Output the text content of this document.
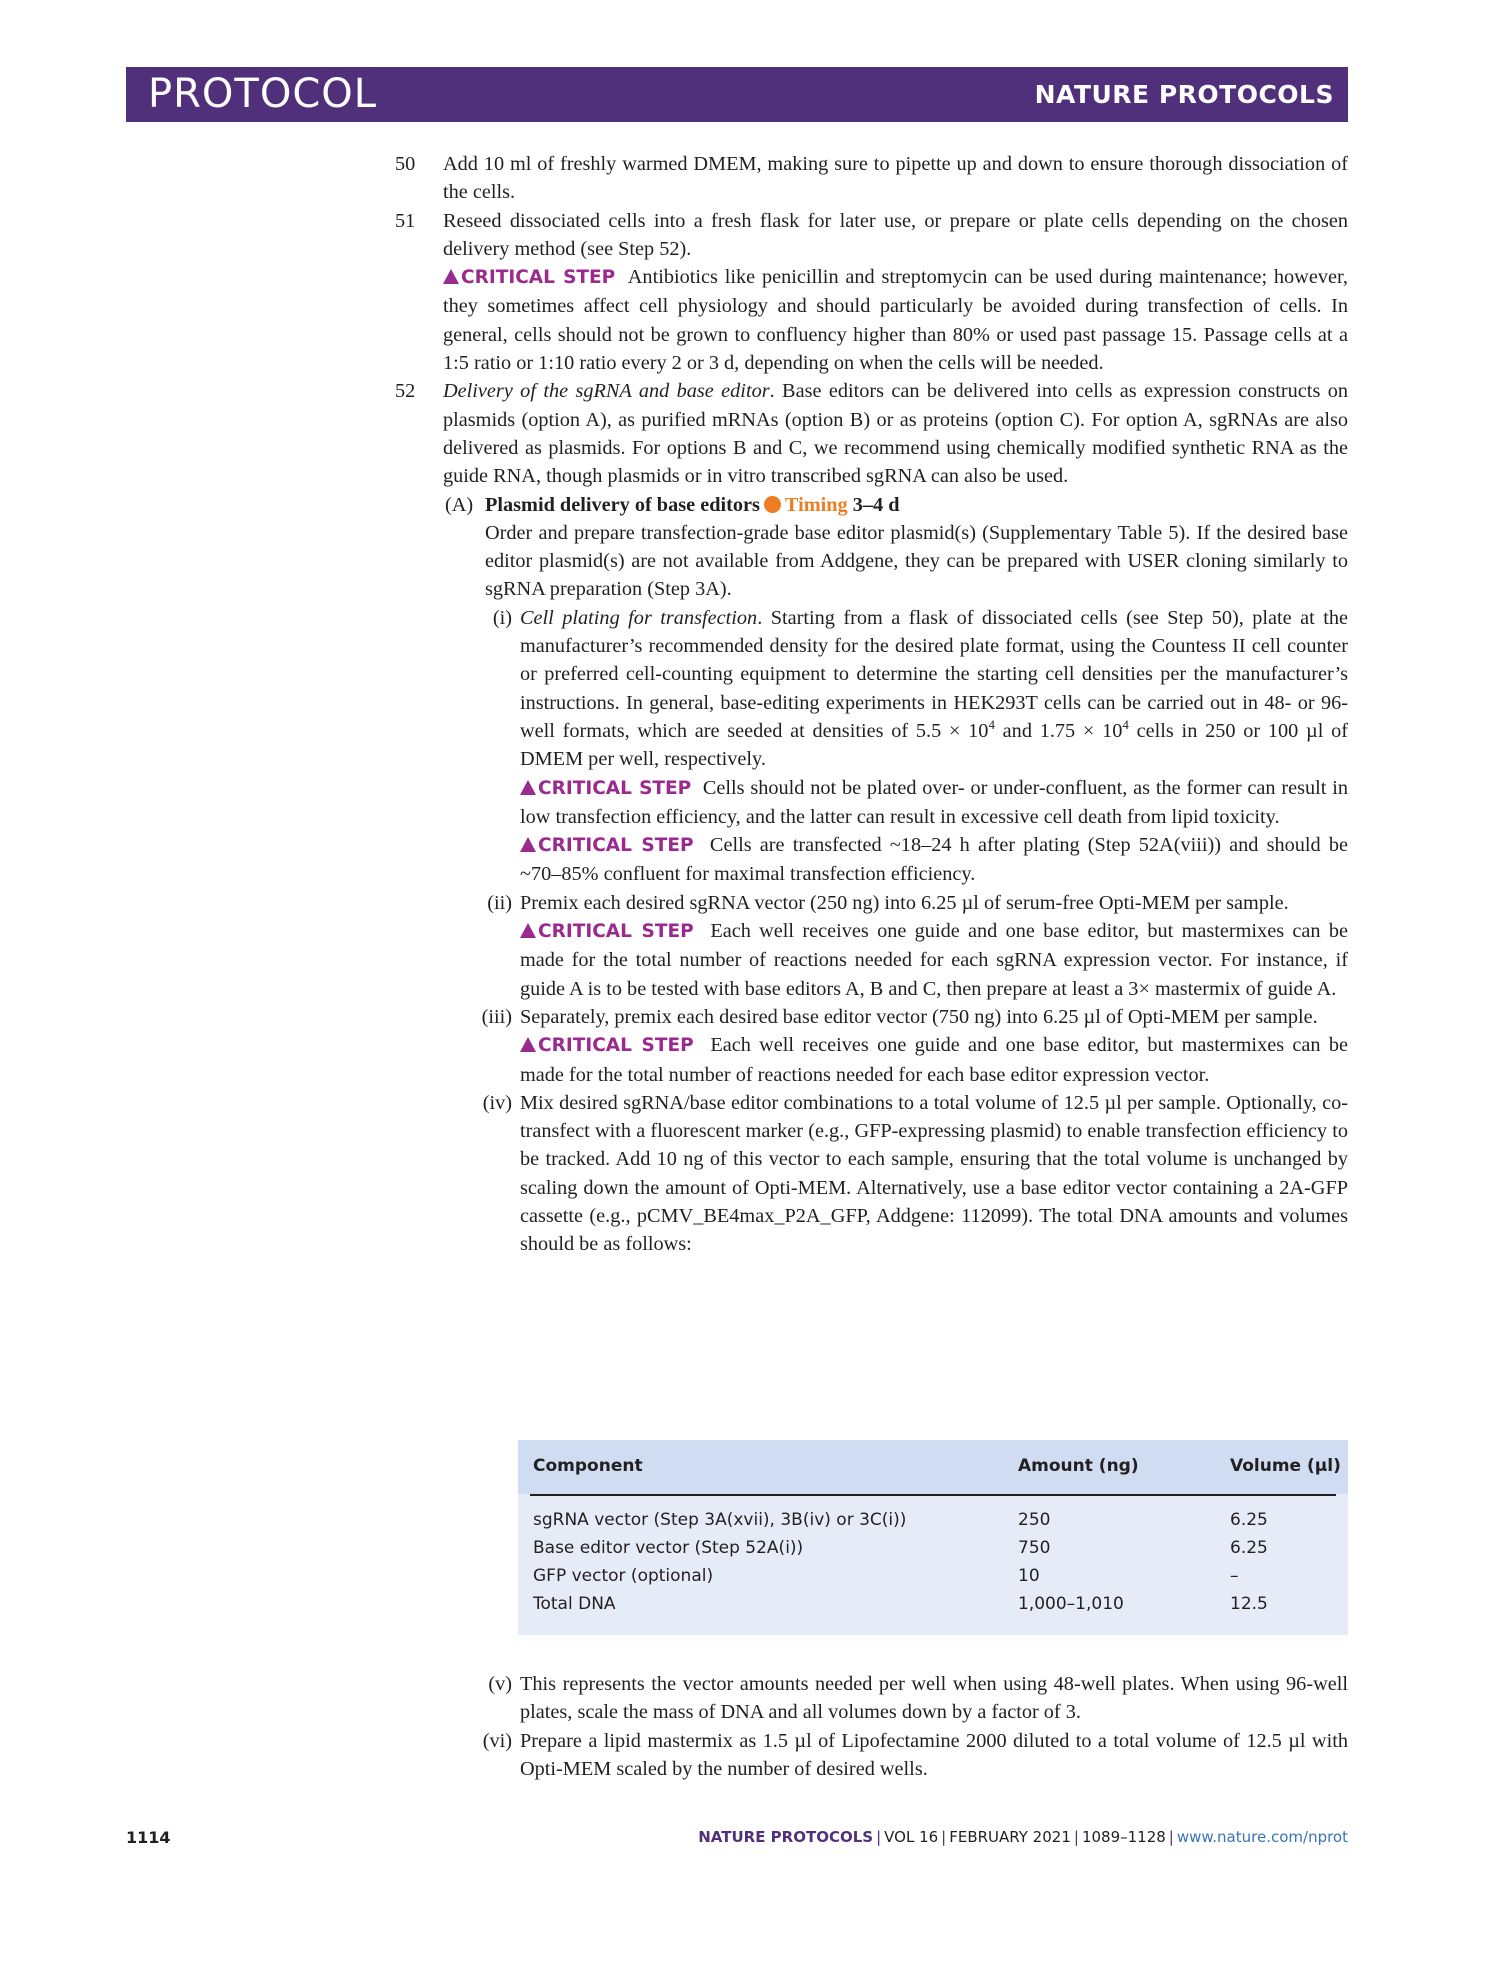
PROTOCOL	NATURE PROTOCOLS

50 Add 10 ml of freshly warmed DMEM, making sure to pipette up and down to ensure thorough dissociation of the cells.

51 Reseed dissociated cells into a fresh flask for later use, or prepare or plate cells depending on the chosen delivery method (see Step 52).

CRITICAL STEP Antibiotics like penicillin and streptomycin can be used during maintenance; however, they sometimes affect cell physiology and should particularly be avoided during transfection of cells. In general, cells should not be grown to confluency higher than 80% or used past passage 15. Passage cells at a 1:5 ratio or 1:10 ratio every 2 or 3 d, depending on when the cells will be needed.

52 Delivery of the sgRNA and base editor. Base editors can be delivered into cells as expression constructs on plasmids (option A), as purified mRNAs (option B) or as proteins (option C). For option A, sgRNAs are also delivered as plasmids. For options B and C, we recommend using chemically modified synthetic RNA as the guide RNA, though plasmids or in vitro transcribed sgRNA can also be used.

(A) Plasmid delivery of base editors Timing 3–4 d

Order and prepare transfection-grade base editor plasmid(s) (Supplementary Table 5). If the desired base editor plasmid(s) are not available from Addgene, they can be prepared with USER cloning similarly to sgRNA preparation (Step 3A).

(i) Cell plating for transfection. Starting from a flask of dissociated cells (see Step 50), plate at the manufacturer’s recommended density for the desired plate format, using the Countess II cell counter or preferred cell-counting equipment to determine the starting cell densities per the manufacturer’s instructions. In general, base-editing experiments in HEK293T cells can be carried out in 48- or 96-well formats, which are seeded at densities of $5.5 \times 10^4$ and $1.75 \times 10^4$ cells in 250 or 100 µl of DMEM per well, respectively.

CRITICAL STEP Cells should not be plated over- or under-confluent, as the former can result in low transfection efficiency, and the latter can result in excessive cell death from lipid toxicity.

CRITICAL STEP Cells are transfected ~18–24 h after plating (Step 52A(viii)) and should be ~70–85% confluent for maximal transfection efficiency.

(ii) Premix each desired sgRNA vector (250 ng) into 6.25 µl of serum-free Opti-MEM per sample.

CRITICAL STEP Each well receives one guide and one base editor, but mastermixes can be made for the total number of reactions needed for each sgRNA expression vector. For instance, if guide A is to be tested with base editors A, B and C, then prepare at least a 3× mastermix of guide A.

(iii) Separately, premix each desired base editor vector (750 ng) into 6.25 µl of Opti-MEM per sample.

CRITICAL STEP Each well receives one guide and one base editor, but mastermixes can be made for the total number of reactions needed for each base editor expression vector.

(iv) Mix desired sgRNA/base editor combinations to a total volume of 12.5 µl per sample. Optionally, co-transfect with a fluorescent marker (e.g., GFP-expressing plasmid) to enable transfection efficiency to be tracked. Add 10 ng of this vector to each sample, ensuring that the total volume is unchanged by scaling down the amount of Opti-MEM. Alternatively, use a base editor vector containing a 2A-GFP cassette (e.g., pCMV_BE4max_P2A_GFP, Addgene: 112099). The total DNA amounts and volumes should be as follows:

Component	Amount (ng)	Volume (µl)
sgRNA vector (Step 3A(xvii), 3B(iv) or 3C(i))	250	6.25
Base editor vector (Step 52A(i))	750	6.25
GFP vector (optional)	10	–
Total DNA	1,000–1,010	12.5

(v) This represents the vector amounts needed per well when using 48-well plates. When using 96-well plates, scale the mass of DNA and all volumes down by a factor of 3.

(vi) Prepare a lipid mastermix as 1.5 µl of Lipofectamine 2000 diluted to a total volume of 12.5 µl with Opti-MEM scaled by the number of desired wells.

1114	NATURE PROTOCOLS | VOL 16 | FEBRUARY 2021 | 1089–1128 | www.nature.com/nprot
